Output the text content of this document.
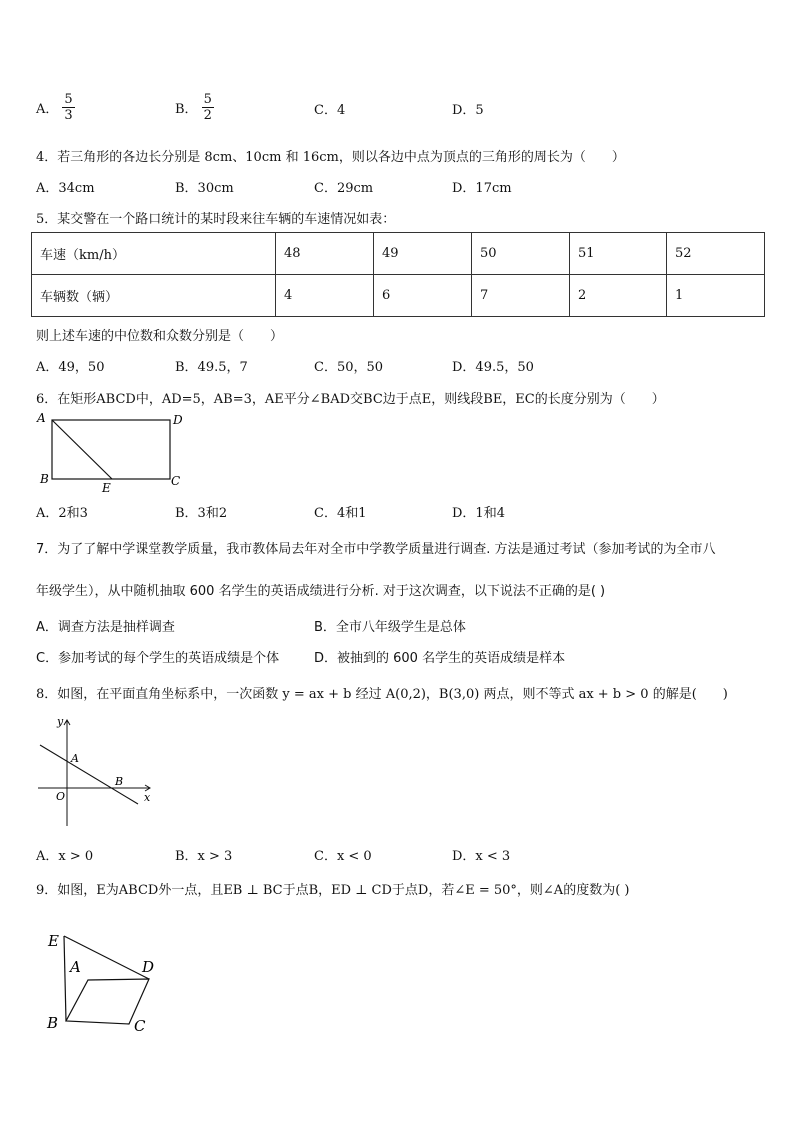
A． $\frac{5}{3}$	B． $\frac{5}{2}$	C．4	D．5
4．若三角形的各边长分别是 8cm、10cm 和 16cm，则以各边中点为顶点的三角形的周长为（　　）
A．34cm	B．30cm	C．29cm	D．17cm
5．某交警在一个路口统计的某时段来往车辆的车速情况如表：
车速（km/h）	48	49	50	51	52
车辆数（辆）	4	6	7	2	1
则上述车速的中位数和众数分别是（　　）
A．49，50	B．49.5，7	C．50，50	D．49.5，50
6．在矩形ABCD中，AD=5，AB=3，AE平分∠BAD交BC边于点E，则线段BE，EC的长度分别为（　　）
A	D
B
E	C
A．2和3	B．3和2	C．4和1	D．1和4
7．为了了解中学课堂教学质量，我市教体局去年对全市中学教学质量进行调查. 方法是通过考试（参加考试的为全市八
年级学生），从中随机抽取 600 名学生的英语成绩进行分析. 对于这次调查，以下说法不正确的是( )
A．调查方法是抽样调查	B．全市八年级学生是总体
C．参加考试的每个学生的英语成绩是个体	D．被抽到的 600 名学生的英语成绩是样本
8．如图，在平面直角坐标系中，一次函数 y = ax + b 经过 A(0,2)，B(3,0) 两点，则不等式 ax + b > 0 的解是(　　)
y
A
B
O	x
A．x > 0	B．x > 3	C．x < 0	D．x < 3
9．如图，E为ABCD外一点，且EB ⊥ BC于点B，ED ⊥ CD于点D，若∠E = 50°，则∠A的度数为( )
E
A	D
B	C
